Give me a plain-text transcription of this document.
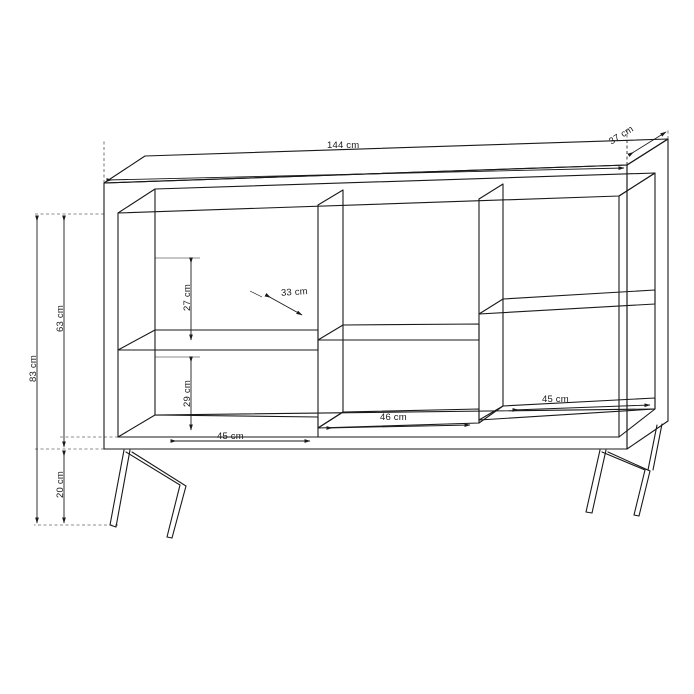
144 cm	37 cm
83 cm
63 cm
20 cm
27 cm
29 cm
33 cm
45 cm
46 cm
45 cm
